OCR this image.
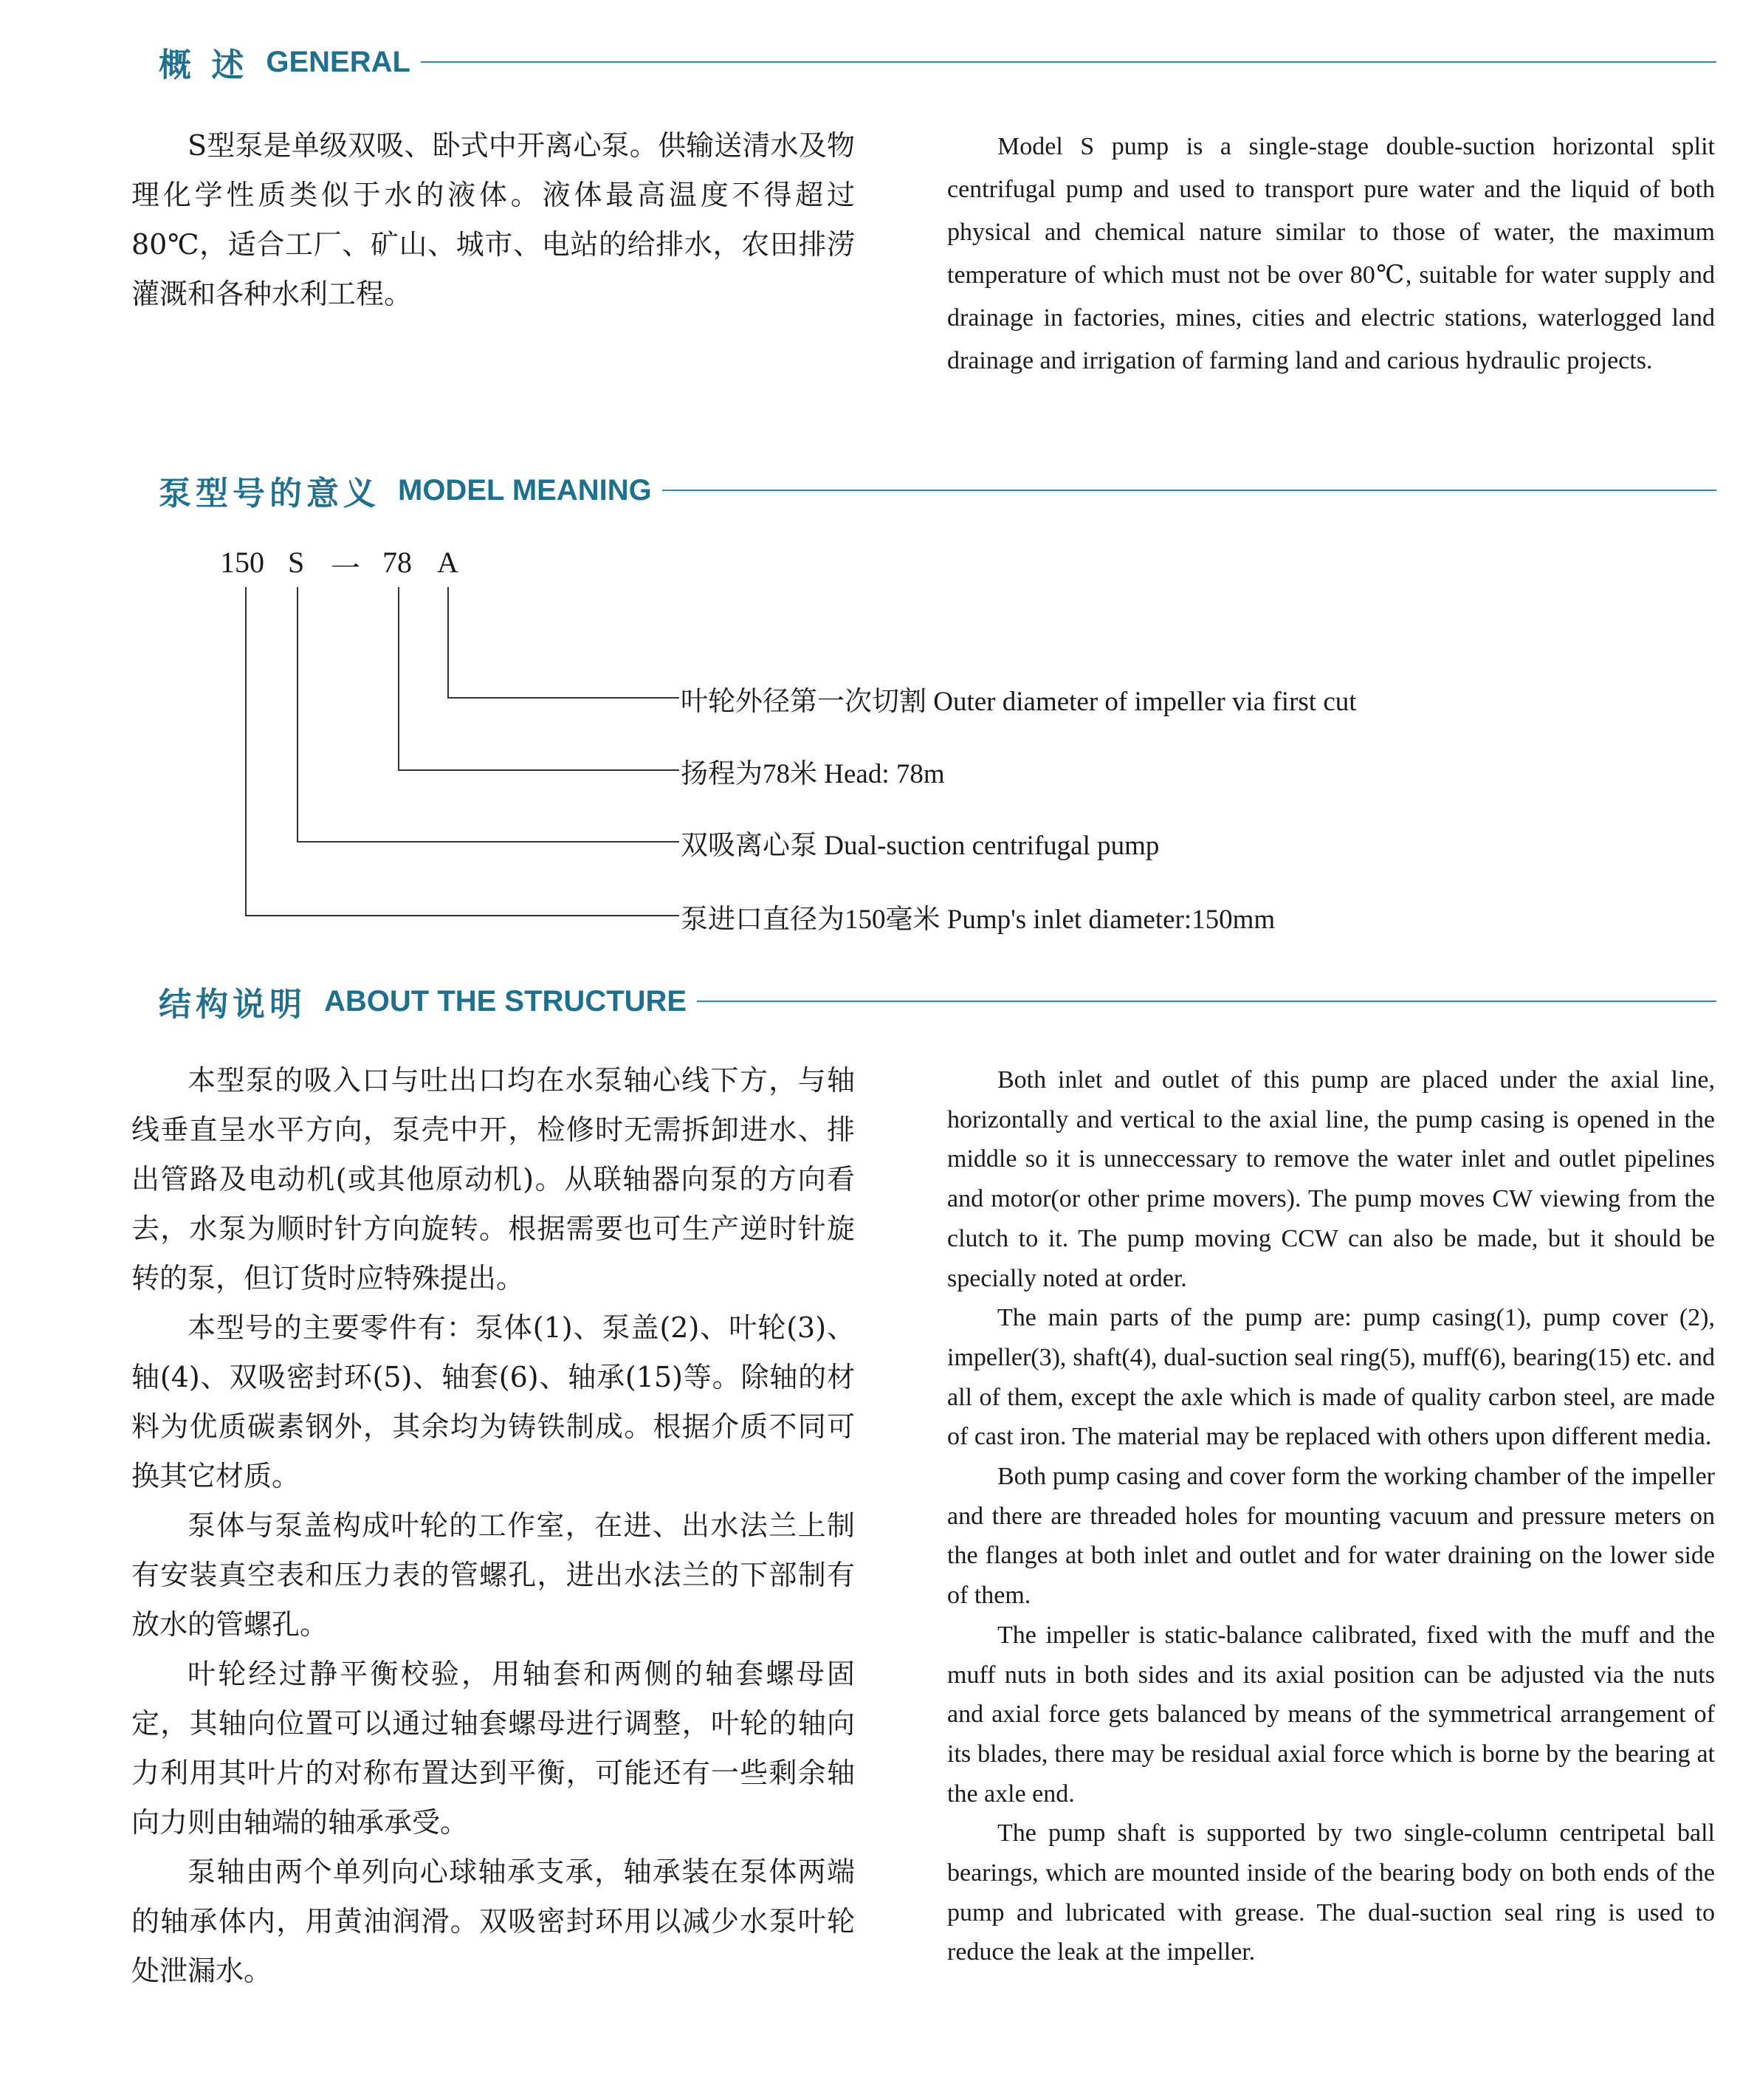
概 述 GENERAL

S型泵是单级双吸、卧式中开离心泵。供输送清水及物理化学性质类似于水的液体。液体最高温度不得超过80℃，适合工厂、矿山、城市、电站的给排水，农田排涝灌溉和各种水利工程。

Model S pump is a single-stage double-suction horizontal split centrifugal pump and used to transport pure water and the liquid of both physical and chemical nature similar to those of water, the maximum temperature of which must not be over 80℃, suitable for water supply and drainage in factories, mines, cities and electric stations, waterlogged land drainage and irrigation of farming land and carious hydraulic projects.

泵型号的意义 MODEL MEANING
150 S 一 78 A
叶轮外径第一次切割 Outer diameter of impeller via first cut
扬程为78米 Head: 78m
双吸离心泵 Dual-suction centrifugal pump
泵进口直径为150毫米 Pump's inlet diameter:150mm
结构说明 ABOUT THE STRUCTURE

本型泵的吸入口与吐出口均在水泵轴心线下方，与轴线垂直呈水平方向，泵壳中开，检修时无需拆卸进水、排出管路及电动机(或其他原动机)。从联轴器向泵的方向看去，水泵为顺时针方向旋转。根据需要也可生产逆时针旋转的泵，但订货时应特殊提出。

本型号的主要零件有：泵体(1)、泵盖(2)、叶轮(3)、轴(4)、双吸密封环(5)、轴套(6)、轴承(15)等。除轴的材料为优质碳素钢外，其余均为铸铁制成。根据介质不同可换其它材质。

泵体与泵盖构成叶轮的工作室，在进、出水法兰上制有安装真空表和压力表的管螺孔，进出水法兰的下部制有放水的管螺孔。

叶轮经过静平衡校验，用轴套和两侧的轴套螺母固定，其轴向位置可以通过轴套螺母进行调整，叶轮的轴向力利用其叶片的对称布置达到平衡，可能还有一些剩余轴向力则由轴端的轴承承受。

泵轴由两个单列向心球轴承支承，轴承装在泵体两端的轴承体内，用黄油润滑。双吸密封环用以减少水泵叶轮处泄漏水。

Both inlet and outlet of this pump are placed under the axial line, horizontally and vertical to the axial line, the pump casing is opened in the middle so it is unneccessary to remove the water inlet and outlet pipelines and motor(or other prime movers). The pump moves CW viewing from the clutch to it. The pump moving CCW can also be made, but it should be specially noted at order.

The main parts of the pump are: pump casing(1), pump cover (2), impeller(3), shaft(4), dual-suction seal ring(5), muff(6), bearing(15) etc. and all of them, except the axle which is made of quality carbon steel, are made of cast iron. The material may be replaced with others upon different media.

Both pump casing and cover form the working chamber of the impeller and there are threaded holes for mounting vacuum and pressure meters on the flanges at both inlet and outlet and for water draining on the lower side of them.

The impeller is static-balance calibrated, fixed with the muff and the muff nuts in both sides and its axial position can be adjusted via the nuts and axial force gets balanced by means of the symmetrical arrangement of its blades, there may be residual axial force which is borne by the bearing at the axle end.

The pump shaft is supported by two single-column centripetal ball bearings, which are mounted inside of the bearing body on both ends of the pump and lubricated with grease. The dual-suction seal ring is used to reduce the leak at the impeller.
